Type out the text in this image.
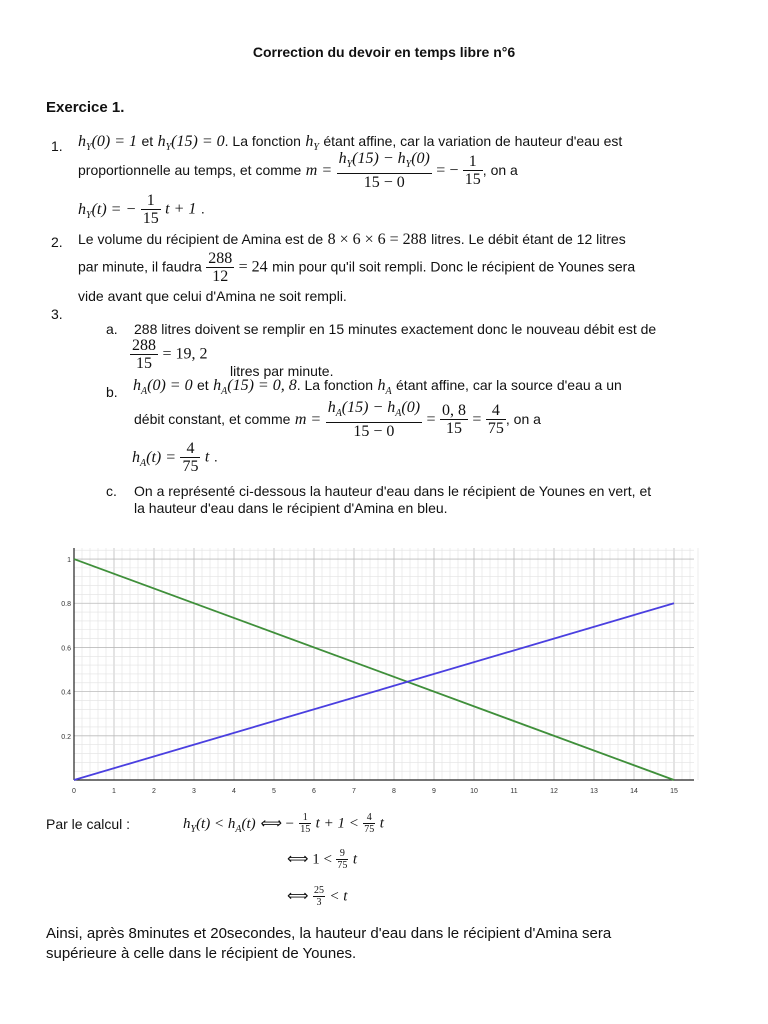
Correction du devoir en temps libre n°6
Exercice 1.
1. $h_Y(0) = 1$ et $h_Y(15) = 0$. La fonction $h_Y$ étant affine, car la variation de hauteur d'eau est
proportionnelle au temps, et comme $m = \frac{h_Y(15) - h_Y(0)}{15 - 0}$ = − $\frac{1}{15}$ , on a
$h_Y(t)$ = − $\frac{1}{15}$ t + 1 .
2. Le volume du récipient de Amina est de 8 × 6 × 6 = 288 litres. Le débit étant de 12 litres
par minute, il faudra $\frac{288}{12} = 24$ min pour qu'il soit rempli. Donc le récipient de Younes sera
vide avant que celui d'Amina ne soit rempli.
3.
a. 288 litres doivent se remplir en 15 minutes exactement donc le nouveau débit est de
$\frac{288}{15} = 19$, 2
litres par minute.
b. $h_A(0) = 0$ et $h_A(15) = 0$, 8. La fonction $h_A$ étant affine, car la source d'eau a un
débit constant, et comme $m = \frac{h_A(15) - h_A(0)}{15 - 0} = \frac{0, 8}{15} = \frac{4}{75}$ , on a
$h_A(t) = \frac{4}{75}$ t .
c. On a représenté ci-dessous la hauteur d'eau dans le récipient de Younes en vert, et
la hauteur d'eau dans le récipient d'Amina en bleu.
0	1	2	3	4	5	6	7	8	9	10	11	12	13	14	15
0.2
0.4
0.6
0.8
1
Par le calcul :	$h_Y(t) < h_A(t)$ ⟺ − $\frac{1}{15}$ $t + 1 < \frac{4}{75}$ t
⟺ $1 < \frac{9}{75}$ t
⟺ $\frac{25}{3} < t$
Ainsi, après 8minutes et 20secondes, la hauteur d'eau dans le récipient d'Amina sera
supérieure à celle dans le récipient de Younes.
